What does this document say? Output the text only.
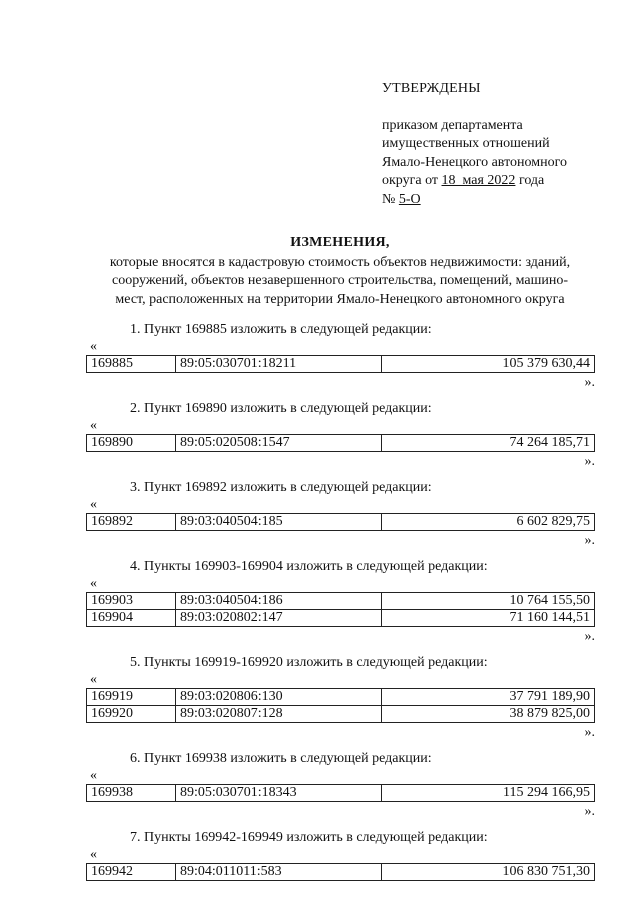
УТВЕРЖДЕНЫ
приказом департамента
имущественных отношений
Ямало-Ненецкого автономного
округа от 18  мая 2022 года
№ 5-О
ИЗМЕНЕНИЯ,
которые вносятся в кадастровую стоимость объектов недвижимости: зданий,
сооружений, объектов незавершенного строительства, помещений, машино-
мест, расположенных на территории Ямало-Ненецкого автономного округа
1. Пункт 169885 изложить в следующей редакции:
«
169885	89:05:030701:18211	105 379 630,44
».
2. Пункт 169890 изложить в следующей редакции:
«
169890	89:05:020508:1547	74 264 185,71
».
3. Пункт 169892 изложить в следующей редакции:
«
169892	89:03:040504:185	6 602 829,75
».
4. Пункты 169903-169904 изложить в следующей редакции:
«
169903	89:03:040504:186	10 764 155,50
169904	89:03:020802:147	71 160 144,51
».
5. Пункты 169919-169920 изложить в следующей редакции:
«
169919	89:03:020806:130	37 791 189,90
169920	89:03:020807:128	38 879 825,00
».
6. Пункт 169938 изложить в следующей редакции:
«
169938	89:05:030701:18343	115 294 166,95
».
7. Пункты 169942-169949 изложить в следующей редакции:
«
169942	89:04:011011:583	106 830 751,30
